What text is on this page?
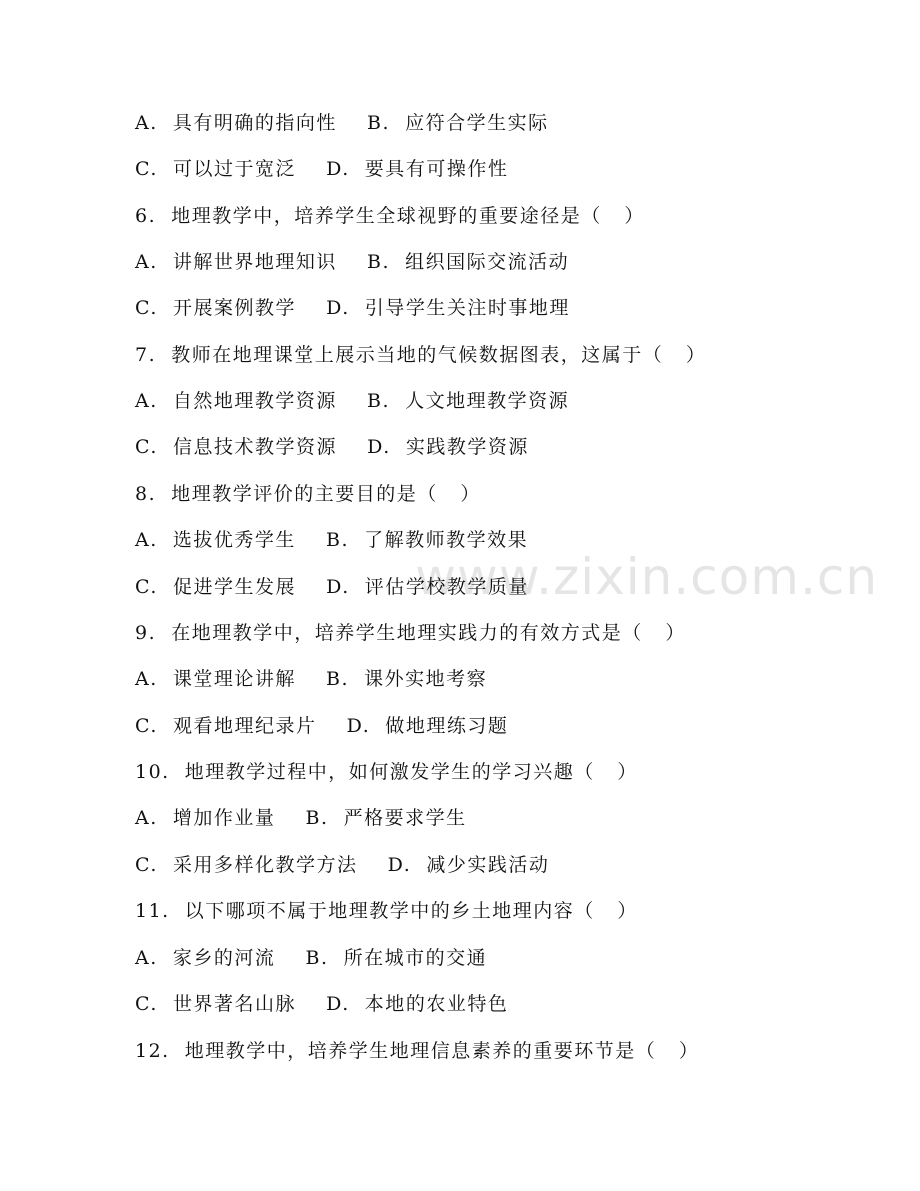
www.zixin.com.cn
A.  具有明确的指向性    B.  应符合学生实际
C.  可以过于宽泛    D.  要具有可操作性
6.  地理教学中，培养学生全球视野的重要途径是（   ）
A.  讲解世界地理知识    B.  组织国际交流活动
C.  开展案例教学    D.  引导学生关注时事地理
7.  教师在地理课堂上展示当地的气候数据图表，这属于（   ）
A.  自然地理教学资源    B.  人文地理教学资源
C.  信息技术教学资源    D.  实践教学资源
8.  地理教学评价的主要目的是（   ）
A.  选拔优秀学生    B.  了解教师教学效果
C.  促进学生发展    D.  评估学校教学质量
9.  在地理教学中，培养学生地理实践力的有效方式是（   ）
A.  课堂理论讲解    B.  课外实地考察
C.  观看地理纪录片    D.  做地理练习题
10.  地理教学过程中，如何激发学生的学习兴趣（   ）
A.  增加作业量    B.  严格要求学生
C.  采用多样化教学方法    D.  减少实践活动
11.  以下哪项不属于地理教学中的乡土地理内容（   ）
A.  家乡的河流    B.  所在城市的交通
C.  世界著名山脉    D.  本地的农业特色
12.  地理教学中，培养学生地理信息素养的重要环节是（   ）
